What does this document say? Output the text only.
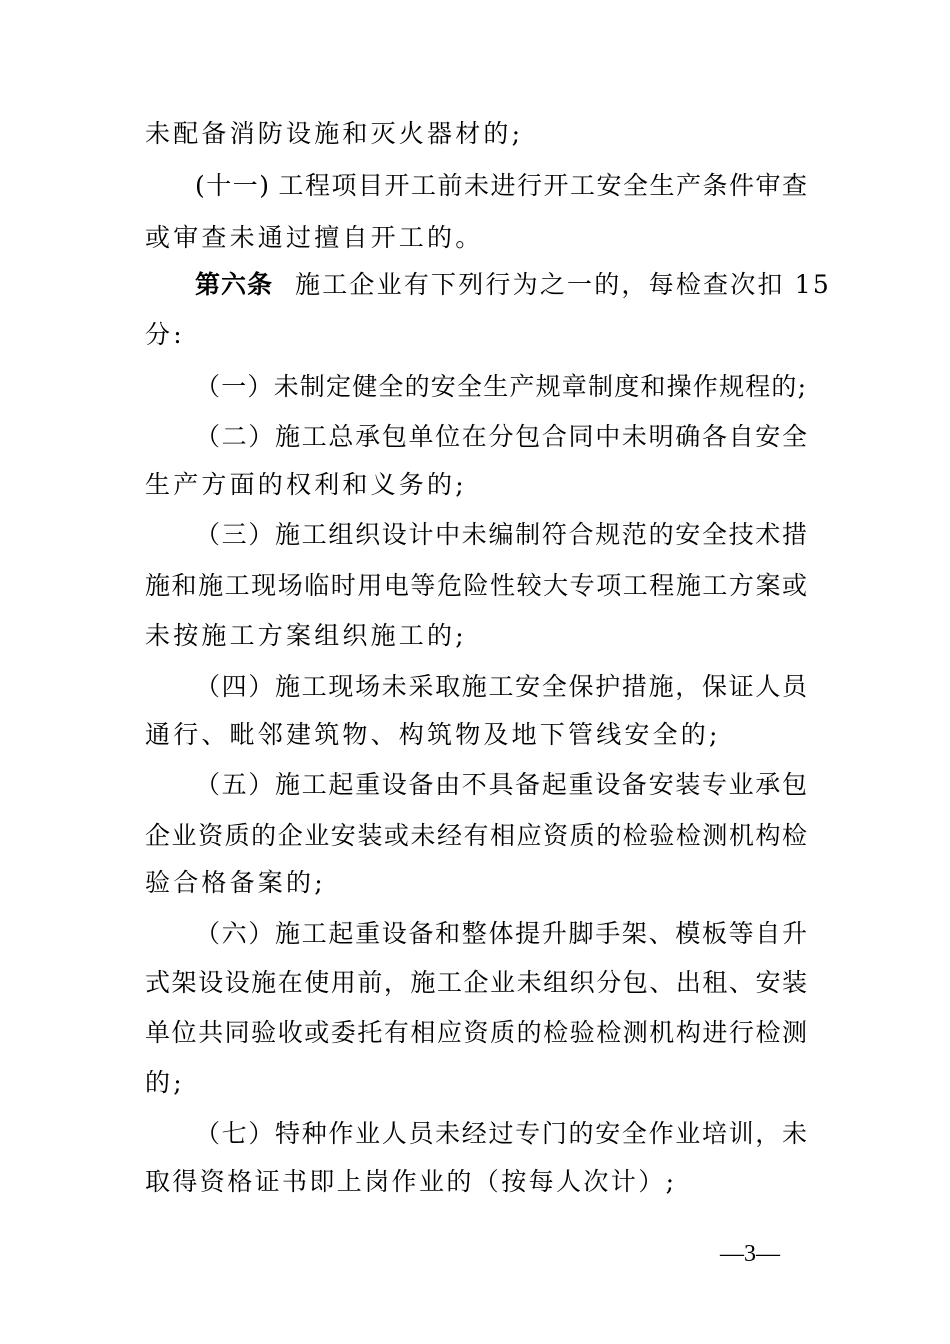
未配备消防设施和灭火器材的;
(十一) 工程项目开工前未进行开工安全生产条件审查
或审查未通过擅自开工的。
第六条 施工企业有下列行为之一的，每检查次扣 15
分:
（一）未制定健全的安全生产规章制度和操作规程的;
（二）施工总承包单位在分包合同中未明确各自安全
生产方面的权利和义务的;
（三）施工组织设计中未编制符合规范的安全技术措
施和施工现场临时用电等危险性较大专项工程施工方案或
未按施工方案组织施工的;
（四）施工现场未采取施工安全保护措施，保证人员
通行、毗邻建筑物、构筑物及地下管线安全的;
（五）施工起重设备由不具备起重设备安装专业承包
企业资质的企业安装或未经有相应资质的检验检测机构检
验合格备案的;
（六）施工起重设备和整体提升脚手架、模板等自升
式架设设施在使用前，施工企业未组织分包、出租、安装
单位共同验收或委托有相应资质的检验检测机构进行检测
的;
（七）特种作业人员未经过专门的安全作业培训，未
取得资格证书即上岗作业的（按每人次计）;
—3—
